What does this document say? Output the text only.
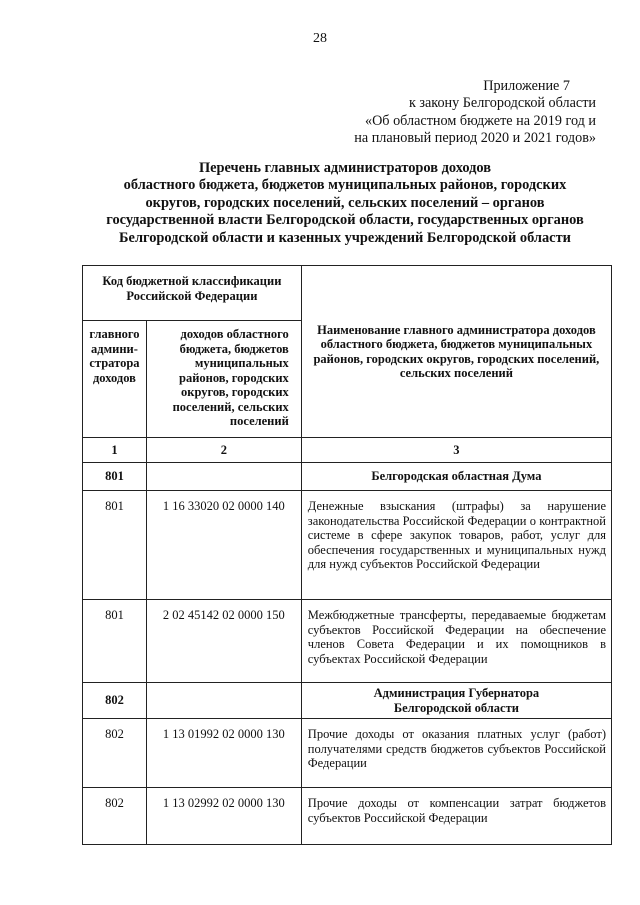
28
Приложение 7
к закону Белгородской области
«Об областном бюджете на 2019 год и
на плановый период 2020 и 2021 годов»
Перечень главных администраторов доходов
областного бюджета, бюджетов муниципальных районов, городских
округов, городских поселений, сельских поселений – органов
государственной власти Белгородской области, государственных органов
Белгородской области и казенных учреждений Белгородской области
Код бюджетной классификации Российской Федерации		Наименование главного администратора доходов областного бюджета, бюджетов муниципальных районов, городских округов, городских поселений, сельских поселений
главного администратора доходов	доходов областного бюджета, бюджетов муниципальных районов, городских округов, городских поселений, сельских поселений	
1	2	3
801		Белгородская областная Дума
801	1 16 33020 02 0000 140	Денежные взыскания (штрафы) за нарушение законодательства Российской Федерации о контрактной системе в сфере закупок товаров, работ, услуг для обеспечения государственных и муниципальных нужд для нужд субъектов Российской Федерации
801	2 02 45142 02 0000 150	Межбюджетные трансферты, передаваемые бюджетам субъектов Российской Федерации на обеспечение членов Совета Федерации и их помощников в субъектах Российской Федерации
802		Администрация Губернатора
Белгородской области

802	1 13 01992 02 0000 130	Прочие доходы от оказания платных услуг (работ) получателями средств бюджетов субъектов Российской Федерации
802	1 13 02992 02 0000 130	Прочие доходы от компенсации затрат бюджетов субъектов Российской Федерации
